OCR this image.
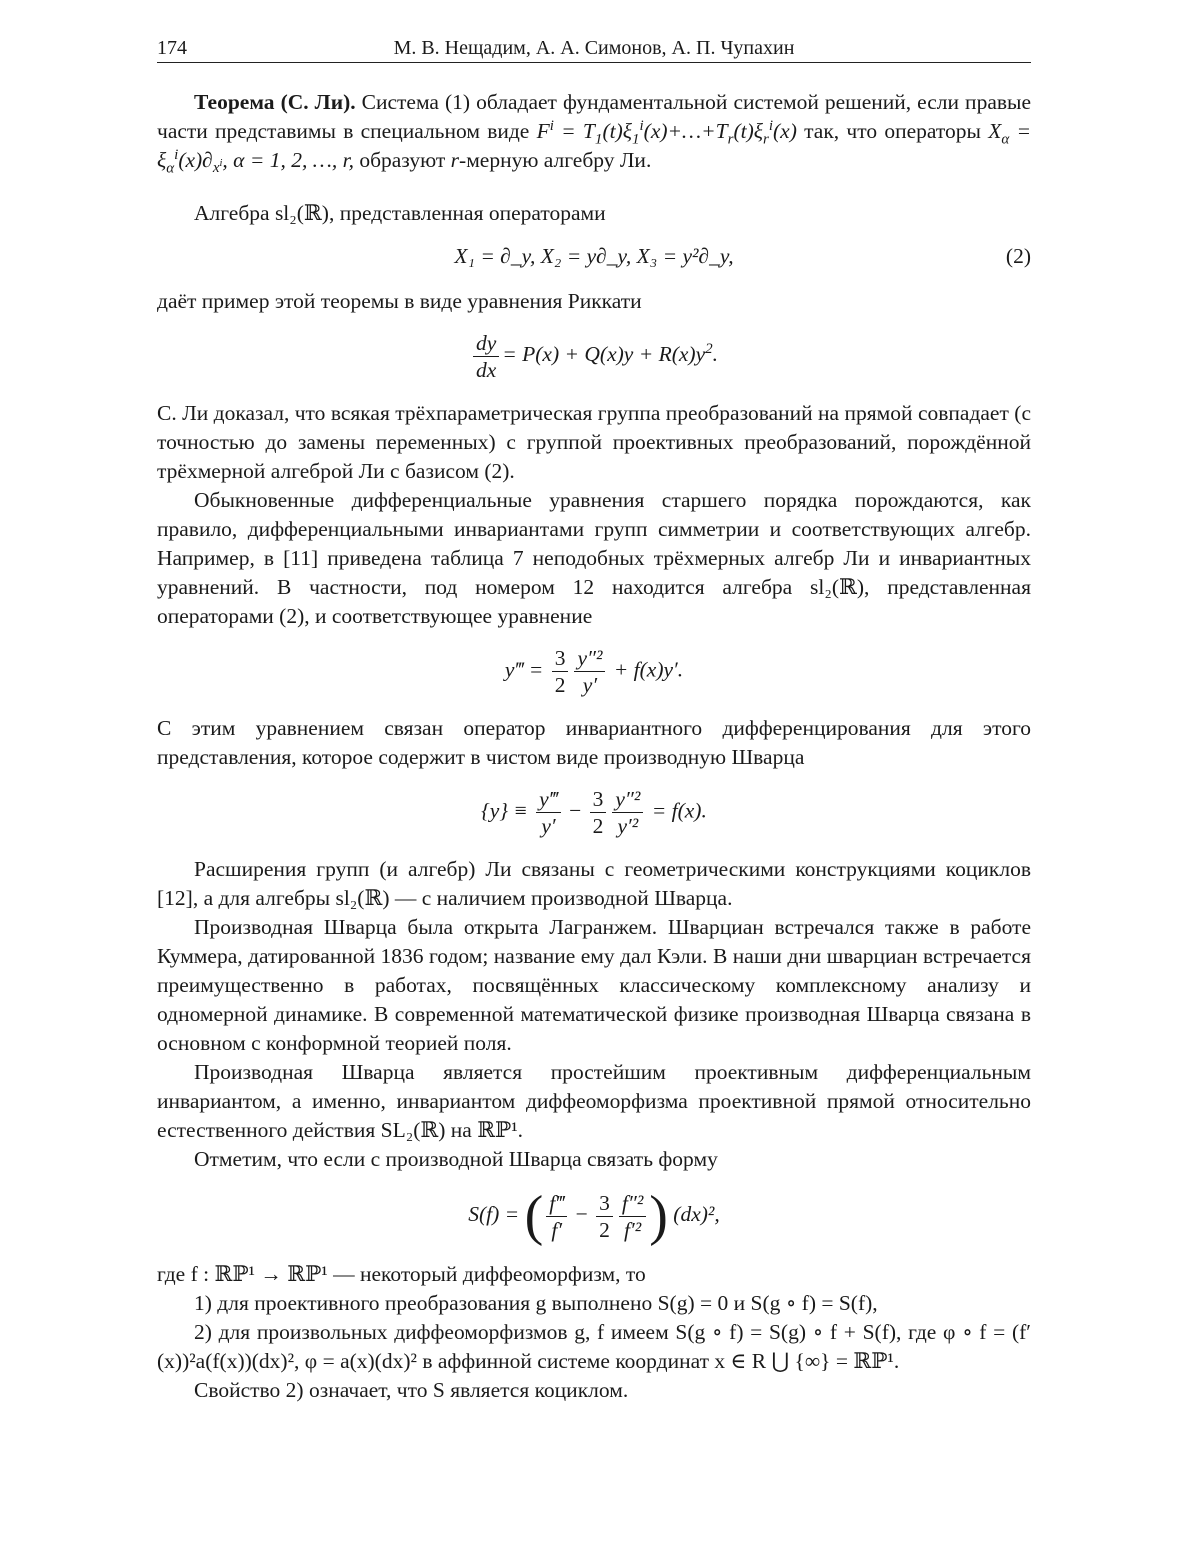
174	М. В. Нещадим, А. А. Симонов, А. П. Чупахин

Теорема (С. Ли). Система (1) обладает фундаментальной системой решений, если правые части представимы в специальном виде $F^i$ = $T_1(t)\xi_1^i(x)+\dots+T_r(t)\xi_r^i(x)$ так, что операторы $X_\alpha = \xi_\alpha^i(x)\partial_{x^i}$, α = 1, 2, …, r, образуют r-мерную алгебру Ли.

Алгебра sl₂(ℝ), представленная операторами

X₁ = ∂_y, X₂ = y∂_y, X₃ = y²∂_y,	(2)

даёт пример этой теоремы в виде уравнения Риккати

$\frac{dy}{dx} = P(x) + Q(x)y + R(x)y^2$.

С. Ли доказал, что всякая трёхпараметрическая группа преобразований на прямой совпадает (с точностью до замены переменных) с группой проективных преобразований, порождённой трёхмерной алгеброй Ли с базисом (2).

Обыкновенные дифференциальные уравнения старшего порядка порождаются, как правило, дифференциальными инвариантами групп симметрии и соответствующих алгебр. Например, в [11] приведена таблица 7 неподобных трёхмерных алгебр Ли и инвариантных уравнений. В частности, под номером 12 находится алгебра sl₂(ℝ), представленная операторами (2), и соответствующее уравнение

y‴ = $\frac{3}{2} \frac{\text{y″²}}{y'} + f(x)y'$.

С этим уравнением связан оператор инвариантного дифференцирования для этого представления, которое содержит в чистом виде производную Шварца

$\{y\} \equiv \frac{y‴}{y'} - \frac{3}{2} \frac{\text{y″²}}{\text{y′²}} = f(x)$.

Расширения групп (и алгебр) Ли связаны с геометрическими конструкциями коциклов [12], а для алгебры sl₂(ℝ) — с наличием производной Шварца.

Производная Шварца была открыта Лагранжем. Шварциан встречался также в работе Куммера, датированной 1836 годом; название ему дал Кэли. В наши дни шварциан встречается преимущественно в работах, посвящённых классическому комплексному анализу и одномерной динамике. В современной математической физике производная Шварца связана в основном с конформной теорией поля.

Производная Шварца является простейшим проективным дифференциальным инвариантом, а именно, инвариантом диффеоморфизма проективной прямой относительно естественного действия SL₂(ℝ) на ℝℙ¹.

Отметим, что если с производной Шварца связать форму

S(f) = ( $\frac{f‴}{f'} - \frac{3}{2} \frac{\text{f″²}}{\text{f′²}}$ ) (dx)²,

где f : ℝℙ¹ → ℝℙ¹ — некоторый диффеоморфизм, то

1) для проективного преобразования g выполнено S(g) = 0 и S(g ∘ f) = S(f),

2) для произвольных диффеоморфизмов g, f имеем S(g ∘ f) = S(g) ∘ f + S(f), где φ ∘ f = (f′(x))²a(f(x))(dx)², φ = a(x)(dx)² в аффинной системе координат x ∈ R ⋃ {∞} = ℝℙ¹.

Свойство 2) означает, что S является коциклом.
